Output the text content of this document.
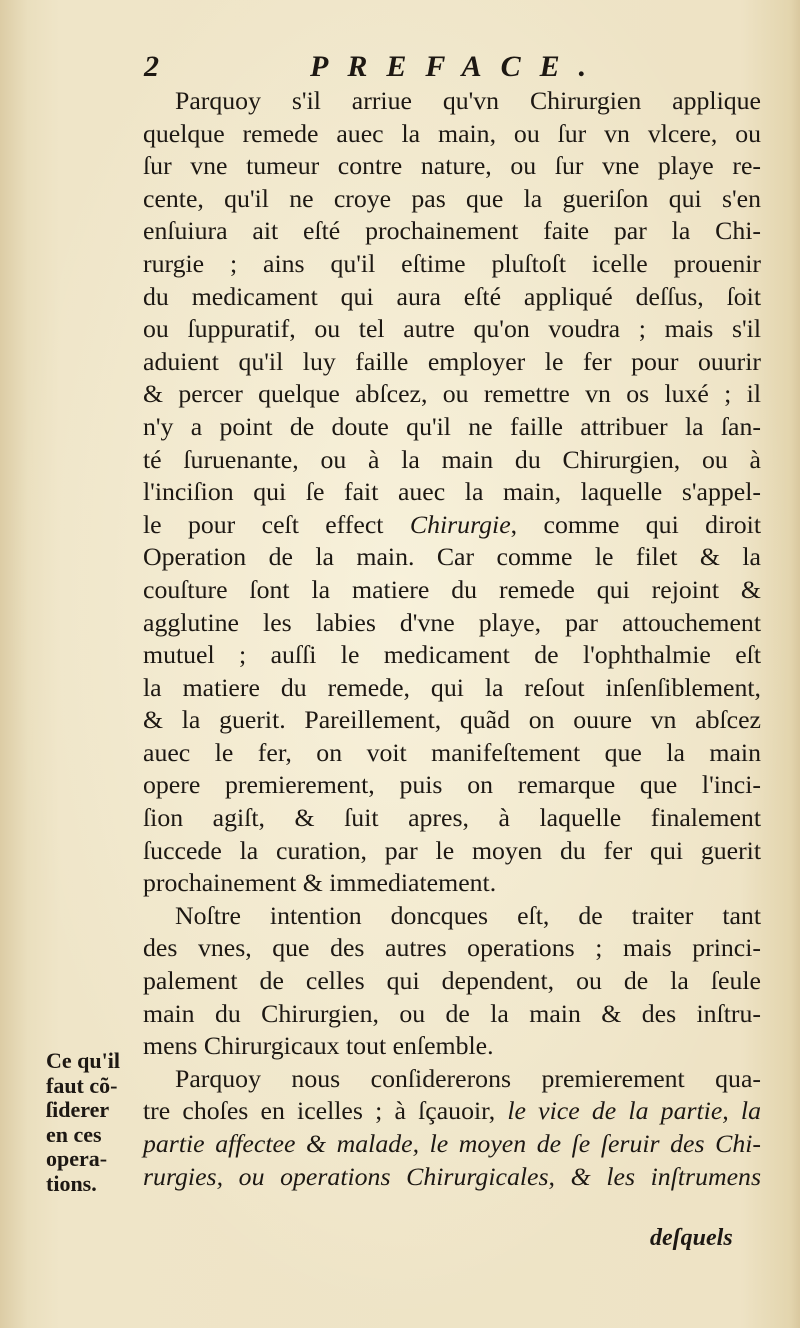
2	PREFACE.
Parquoy s'il arriue qu'vn Chirurgien applique
quelque remede auec la main, ou ſur vn vlcere, ou
ſur vne tumeur contre nature, ou ſur vne playe re-
cente, qu'il ne croye pas que la gueriſon qui s'en
enſuiura ait eſté prochainement faite par la Chi-
rurgie ; ains qu'il eſtime pluſtoſt icelle prouenir
du medicament qui aura eſté appliqué deſſus, ſoit
ou ſuppuratif, ou tel autre qu'on voudra ; mais s'il
aduient qu'il luy faille employer le fer pour ouurir
& percer quelque abſcez, ou remettre vn os luxé ; il
n'y a point de doute qu'il ne faille attribuer la ſan-
té ſuruenante, ou à la main du Chirurgien, ou à
l'inciſion qui ſe fait auec la main, laquelle s'appel-
le pour ceſt effect Chirurgie, comme qui diroit
Operation de la main. Car comme le filet & la
couſture ſont la matiere du remede qui rejoint &
agglutine les labies d'vne playe, par attouchement
mutuel ; auſſi le medicament de l'ophthalmie eſt
la matiere du remede, qui la reſout inſenſiblement,
& la guerit. Pareillement, quãd on ouure vn abſcez
auec le fer, on voit manifeſtement que la main
opere premierement, puis on remarque que l'inci-
ſion agiſt, & ſuit apres, à laquelle finalement
ſuccede la curation, par le moyen du fer qui guerit
prochainement & immediatement.
Noſtre intention doncques eſt, de traiter tant
des vnes, que des autres operations ; mais princi-
palement de celles qui dependent, ou de la ſeule
main du Chirurgien, ou de la main & des inſtru-
mens Chirurgicaux tout enſemble.
Parquoy nous conſidererons premierement qua-
tre choſes en icelles ; à ſçauoir, le vice de la partie, la
partie affectee & malade, le moyen de ſe ſeruir des Chi-
rurgies, ou operations Chirurgicales, & les inſtrumens
Ce qu'il
faut cõ-
ſiderer
en ces
opera-
tions.
deſquels
